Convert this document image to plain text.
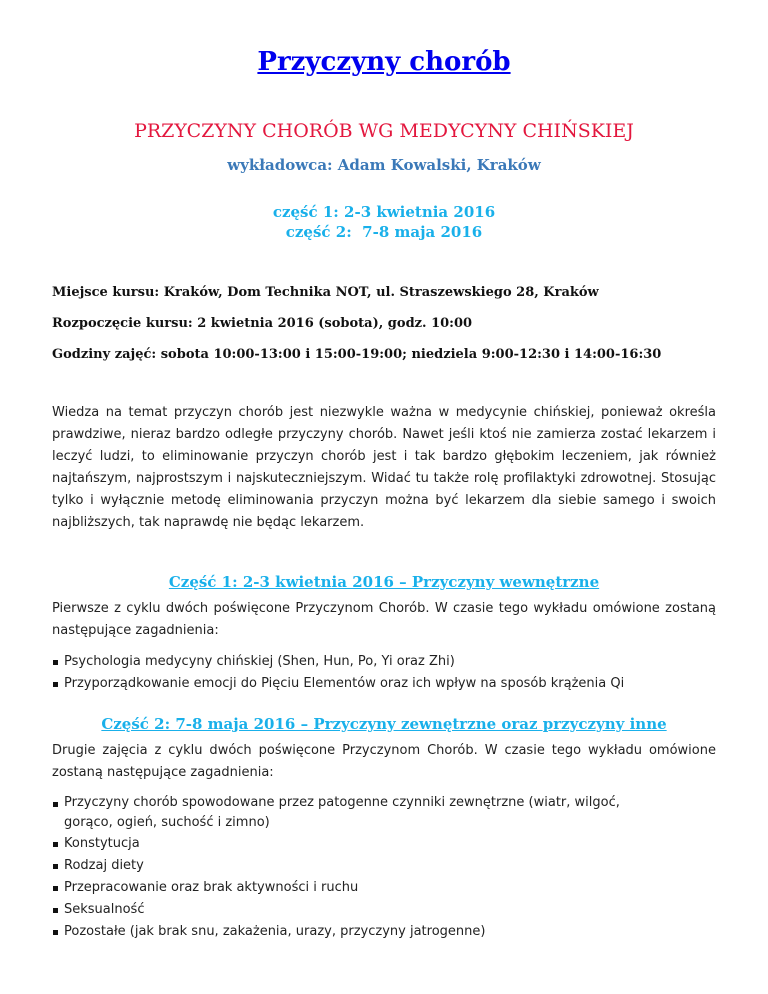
Przyczyny chorób
PRZYCZYNY CHORÓB WG MEDYCYNY CHIŃSKIEJ
wykładowca: Adam Kowalski, Kraków
część 1: 2-3 kwietnia 2016
część 2:  7-8 maja 2016
Miejsce kursu: Kraków, Dom Technika NOT, ul. Straszewskiego 28, Kraków
Rozpoczęcie kursu: 2 kwietnia 2016 (sobota), godz. 10:00
Godziny zajęć: sobota 10:00-13:00 i 15:00-19:00; niedziela 9:00-12:30 i 14:00-16:30

Wiedza na temat przyczyn chorób jest niezwykle ważna w medycynie chińskiej, ponieważ określa prawdziwe, nieraz bardzo odległe przyczyny chorób. Nawet jeśli ktoś nie zamierza zostać lekarzem i leczyć ludzi, to eliminowanie przyczyn chorób jest i tak bardzo głębokim leczeniem, jak również najtańszym, najprostszym i najskuteczniejszym. Widać tu także rolę profilaktyki zdrowotnej. Stosując tylko i wyłącznie metodę eliminowania przyczyn można być lekarzem dla siebie samego i swoich najbliższych, tak naprawdę nie będąc lekarzem.

Część 1: 2-3 kwietnia 2016 – Przyczyny wewnętrzne

Pierwsze z cyklu dwóch poświęcone Przyczynom Chorób. W czasie tego wykładu omówione zostaną następujące zagadnienia:

Psychologia medycyny chińskiej (Shen, Hun, Po, Yi oraz Zhi)
Przyporządkowanie emocji do Pięciu Elementów oraz ich wpływ na sposób krążenia Qi
Część 2: 7-8 maja 2016 – Przyczyny zewnętrzne oraz przyczyny inne

Drugie zajęcia z cyklu dwóch poświęcone Przyczynom Chorób. W czasie tego wykładu omówione zostaną następujące zagadnienia:

Przyczyny chorób spowodowane przez patogenne czynniki zewnętrzne (wiatr, wilgoć, gorąco, ogień, suchość i zimno)
Konstytucja
Rodzaj diety
Przepracowanie oraz brak aktywności i ruchu
Seksualność
Pozostałe (jak brak snu, zakażenia, urazy, przyczyny jatrogenne)
